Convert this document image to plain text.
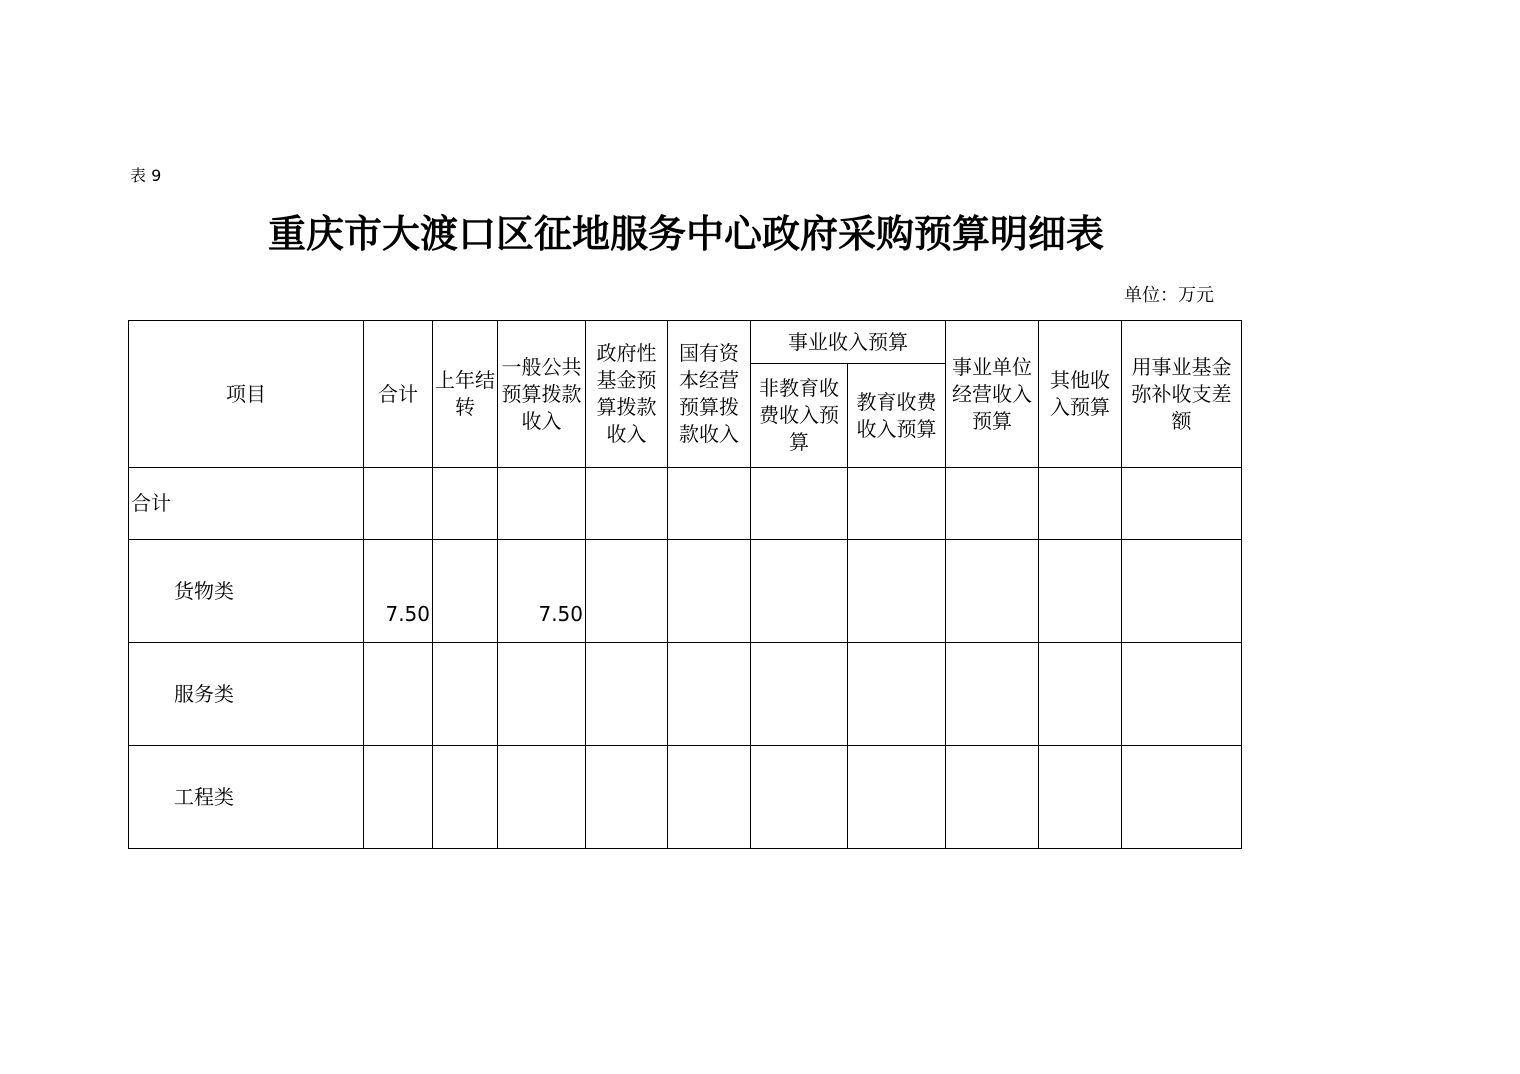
表 9
重庆市大渡口区征地服务中心政府采购预算明细表
单位：万元
项目	合计	上年结转	一般公共预算拨款收入	政府性基金预算拨款收入	国有资本经营预算拨款收入	事业收入预算		事业单位经营收入预算	其他收入预算	用事业基金弥补收支差额
						非教育收费收入预算	教育收费收入预算			
合计										
货物类	7.50		7.50							
服务类										
工程类										
